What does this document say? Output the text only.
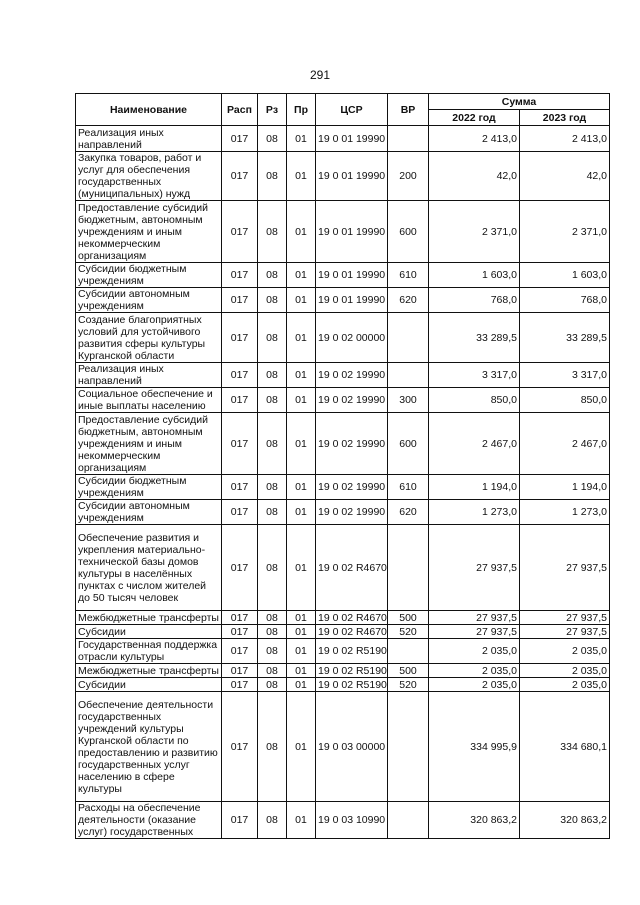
291
Наименование	Расп	Рз	Пр	ЦСР	ВР	Сумма	
						2022 год	2023 год
Реализация иных направлений	017	08	01	19 0 01 19990		2 413,0	2 413,0
Закупка товаров, работ и услуг для обеспечения государственных (муниципальных) нужд	017	08	01	19 0 01 19990	200	42,0	42,0
Предоставление субсидий бюджетным, автономным учреждениям и иным некоммерческим организациям	017	08	01	19 0 01 19990	600	2 371,0	2 371,0
Субсидии бюджетным учреждениям	017	08	01	19 0 01 19990	610	1 603,0	1 603,0
Субсидии автономным учреждениям	017	08	01	19 0 01 19990	620	768,0	768,0
Создание благоприятных условий для устойчивого развития сферы культуры Курганской области	017	08	01	19 0 02 00000		33 289,5	33 289,5
Реализация иных направлений	017	08	01	19 0 02 19990		3 317,0	3 317,0
Социальное обеспечение и иные выплаты населению	017	08	01	19 0 02 19990	300	850,0	850,0
Предоставление субсидий бюджетным, автономным учреждениям и иным некоммерческим организациям	017	08	01	19 0 02 19990	600	2 467,0	2 467,0
Субсидии бюджетным учреждениям	017	08	01	19 0 02 19990	610	1 194,0	1 194,0
Субсидии автономным учреждениям	017	08	01	19 0 02 19990	620	1 273,0	1 273,0
Обеспечение развития и укрепления материально-технической базы домов культуры в населённых пунктах с числом жителей до 50 тысяч человек	017	08	01	19 0 02 R4670		27 937,5	27 937,5
Межбюджетные трансферты	017	08	01	19 0 02 R4670	500	27 937,5	27 937,5
Субсидии	017	08	01	19 0 02 R4670	520	27 937,5	27 937,5
Государственная поддержка отрасли культуры	017	08	01	19 0 02 R5190		2 035,0	2 035,0
Межбюджетные трансферты	017	08	01	19 0 02 R5190	500	2 035,0	2 035,0
Субсидии	017	08	01	19 0 02 R5190	520	2 035,0	2 035,0
Обеспечение деятельности государственных учреждений культуры Курганской области по предоставлению и развитию государственных услуг населению в сфере культуры	017	08	01	19 0 03 00000		334 995,9	334 680,1
Расходы на обеспечение деятельности (оказание услуг) государственных	017	08	01	19 0 03 10990		320 863,2	320 863,2
